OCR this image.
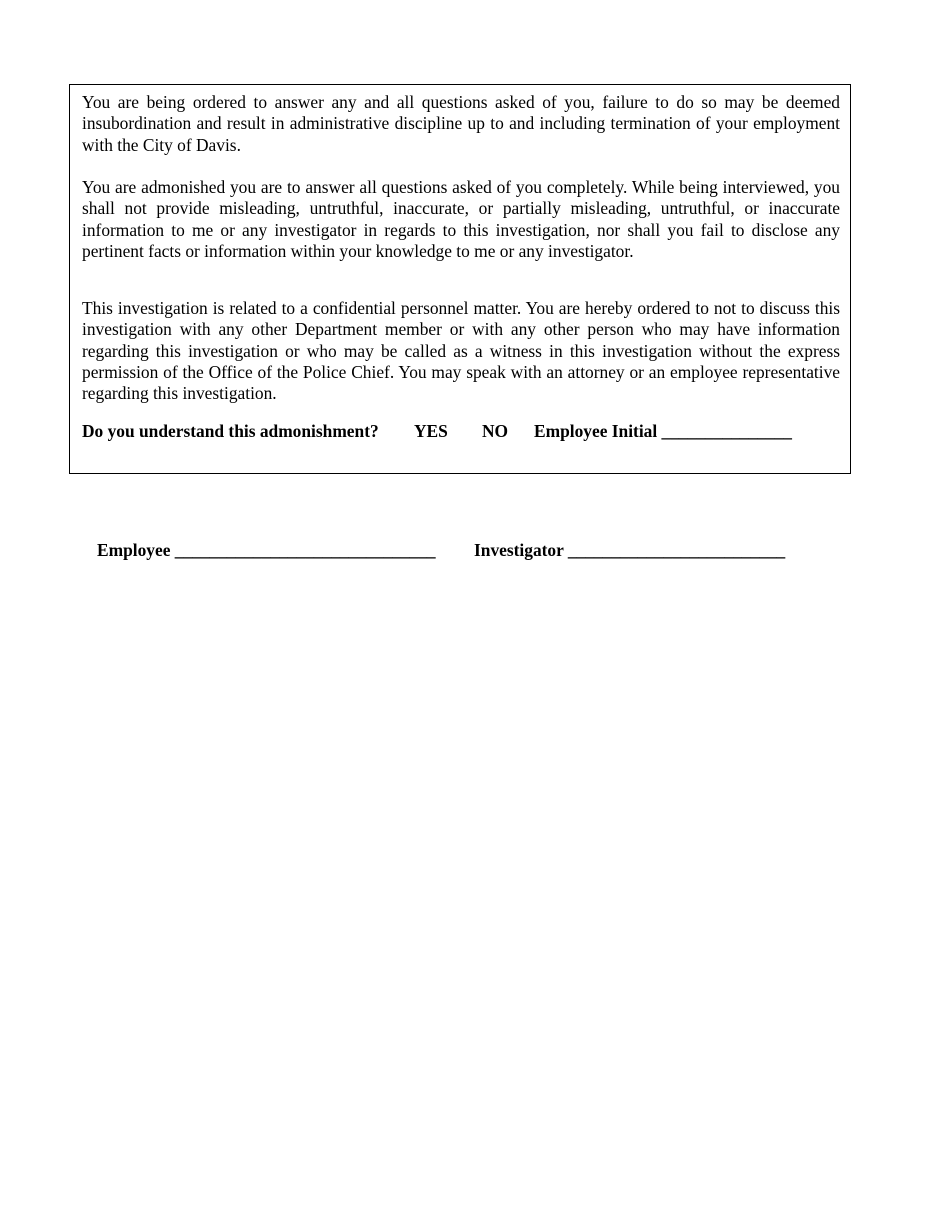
You are being ordered to answer any and all questions asked of you, failure to do so may be deemed insubordination and result in administrative discipline up to and including termination of your employment with the City of Davis.

You are admonished you are to answer all questions asked of you completely. While being interviewed, you shall not provide misleading, untruthful, inaccurate, or partially misleading, untruthful, or inaccurate information to me or any investigator in regards to this investigation, nor shall you fail to disclose any pertinent facts or information within your knowledge to me or any investigator.

This investigation is related to a confidential personnel matter. You are hereby ordered to not to discuss this investigation with any other Department member or with any other person who may have information regarding this investigation or who may be called as a witness in this investigation without the express permission of the Office of the Police Chief. You may speak with an attorney or an employee representative regarding this investigation.

Do you understand this admonishment? YES NO Employee Initial _______________
Employee ______________________________ Investigator _________________________
